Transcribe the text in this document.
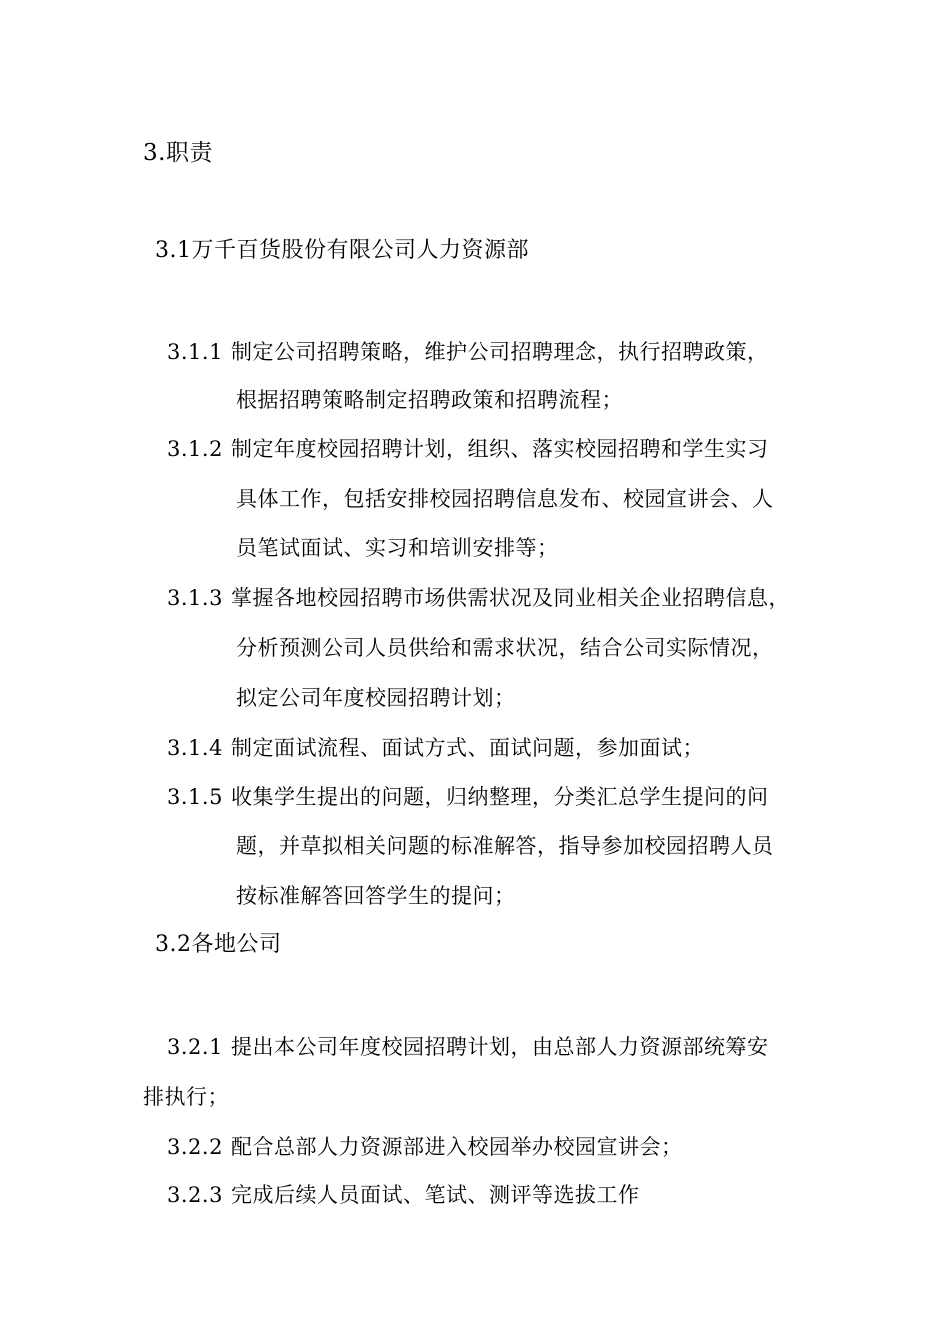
3.职责
3.1万千百货股份有限公司人力资源部
3.1.1 制定公司招聘策略，维护公司招聘理念，执行招聘政策，
根据招聘策略制定招聘政策和招聘流程；
3.1.2 制定年度校园招聘计划，组织、落实校园招聘和学生实习
具体工作，包括安排校园招聘信息发布、校园宣讲会、人
员笔试面试、实习和培训安排等；
3.1.3 掌握各地校园招聘市场供需状况及同业相关企业招聘信息，
分析预测公司人员供给和需求状况，结合公司实际情况，
拟定公司年度校园招聘计划；
3.1.4 制定面试流程、面试方式、面试问题，参加面试；
3.1.5 收集学生提出的问题，归纳整理，分类汇总学生提问的问
题，并草拟相关问题的标准解答，指导参加校园招聘人员
按标准解答回答学生的提问；
3.2各地公司
3.2.1 提出本公司年度校园招聘计划，由总部人力资源部统筹安
排执行；
3.2.2 配合总部人力资源部进入校园举办校园宣讲会；
3.2.3 完成后续人员面试、笔试、测评等选拔工作
